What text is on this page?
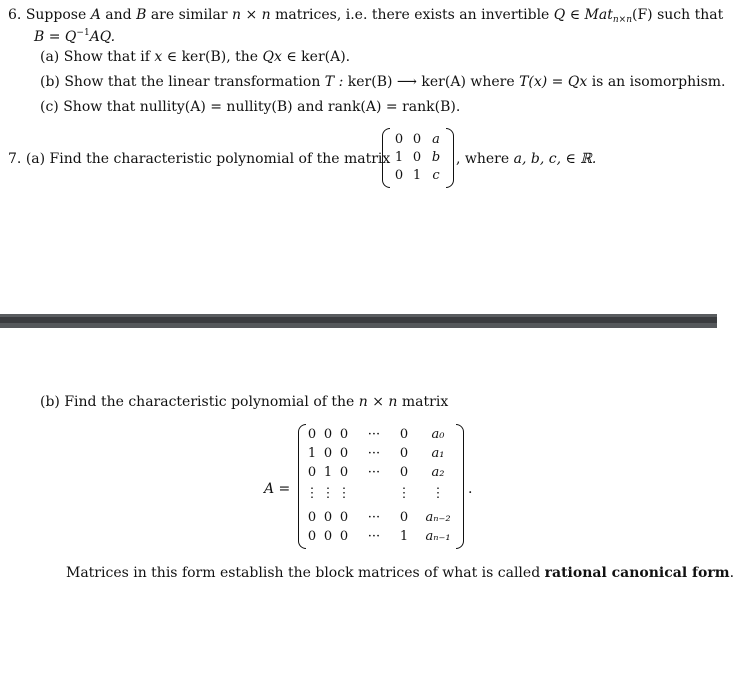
6. Suppose A and B are similar n × n matrices, i.e. there exists an invertible Q ∈ Mat$_{n\times n}$(F) such that
$B = Q^{-1}AQ$.
(a) Show that if x ∈ ker(B), the Qx ∈ ker(A).
(b) Show that the linear transformation T : ker(B) ⟶ ker(A) where T(x) = Qx is an isomorphism.
(c) Show that nullity(A) = nullity(B) and rank(A) = rank(B).
7. (a) Find the characteristic polynomial of the matrix
0 0 a
1 0 b
0 1 c
, where a, b, c, ∈ ℝ.
(b) Find the characteristic polynomial of the n × n matrix
A =
0 0 0	···	0	a₀
1 0 0	···	0	a₁
0 1 0	···	0	a₂
⋮ ⋮ ⋮	⋮	⋮
0 0 0	···	0	aₙ₋₂
0 0 0	···	1	aₙ₋₁
.
Matrices in this form establish the block matrices of what is called rational canonical form.
